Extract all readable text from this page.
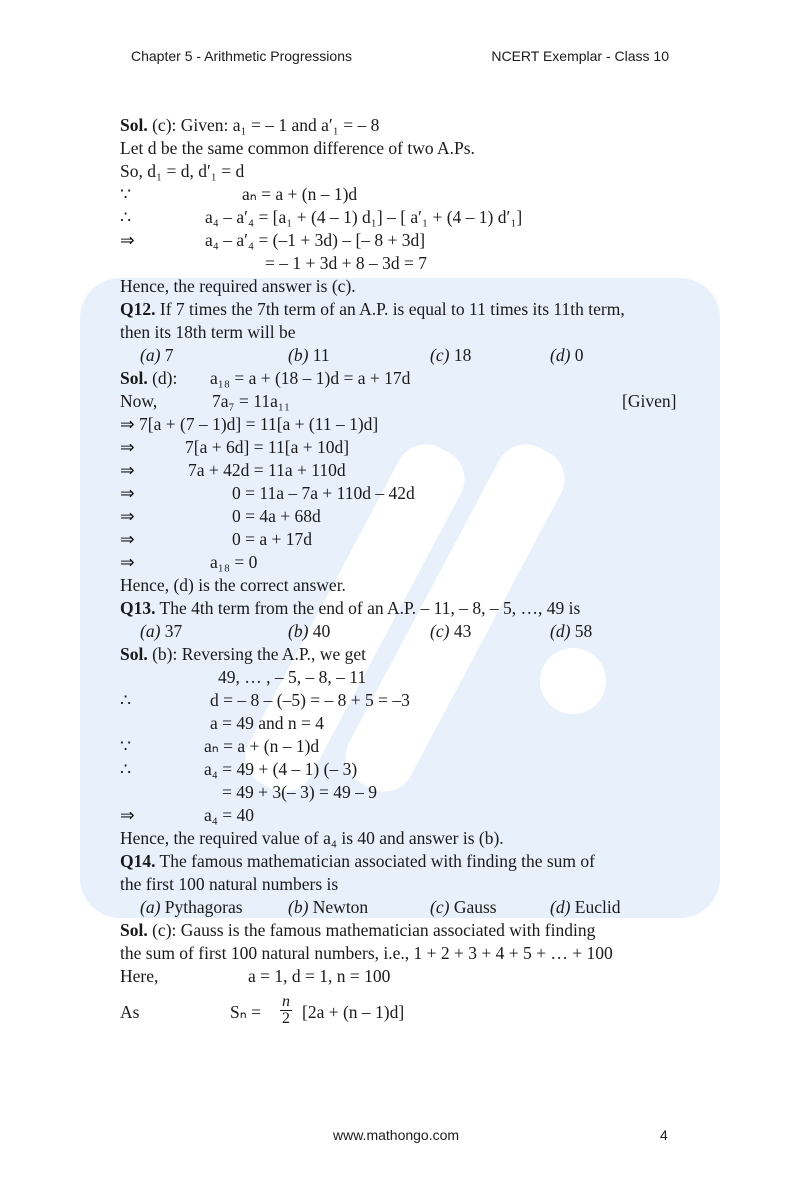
Chapter 5 - Arithmetic Progressions	NCERT Exemplar - Class 10
Sol. (c): Given: a₁ = – 1 and a′₁ = – 8
Let d be the same common difference of two A.Ps.
So, d₁ = d, d′₁ = d
∵	aₙ = a + (n – 1)d
∴	a₄ – a′₄ = [a₁ + (4 – 1) d₁] – [ a′₁ + (4 – 1) d′₁]
⇒	a₄ – a′₄ = (–1 + 3d) – [– 8 + 3d]
= – 1 + 3d + 8 – 3d = 7
Hence, the required answer is (c).
Q12. If 7 times the 7th term of an A.P. is equal to 11 times its 11th term,
then its 18th term will be
(a) 7	(b) 11	(c) 18	(d) 0
Sol. (d): a₁₈ = a + (18 – 1)d = a + 17d
Now,	7a₇ = 11a₁₁	[Given]
⇒ 7[a + (7 – 1)d] = 11[a + (11 – 1)d]
⇒	7[a + 6d] = 11[a + 10d]
⇒	7a + 42d = 11a + 110d
⇒	0 = 11a – 7a + 110d – 42d
⇒	0 = 4a + 68d
⇒	0 = a + 17d
⇒	a₁₈ = 0
Hence, (d) is the correct answer.
Q13. The 4th term from the end of an A.P. – 11, – 8, – 5, …, 49 is
(a) 37	(b) 40	(c) 43	(d) 58
Sol. (b): Reversing the A.P., we get
49, … , – 5, – 8, – 11
∴	d = – 8 – (–5) = – 8 + 5 = –3
a = 49 and n = 4
∵	aₙ = a + (n – 1)d
∴	a₄ = 49 + (4 – 1) (– 3)
= 49 + 3(– 3) = 49 – 9
⇒	a₄ = 40
Hence, the required value of a₄ is 40 and answer is (b).
Q14. The famous mathematician associated with finding the sum of
the first 100 natural numbers is
(a) Pythagoras	(b) Newton	(c) Gauss	(d) Euclid
Sol. (c): Gauss is the famous mathematician associated with finding
the sum of first 100 natural numbers, i.e., 1 + 2 + 3 + 4 + 5 + … + 100
Here,	a = 1, d = 1, n = 100
As	$S_n = \frac{n}{2} [2a + (n - 1)d]$
www.mathongo.com	4
